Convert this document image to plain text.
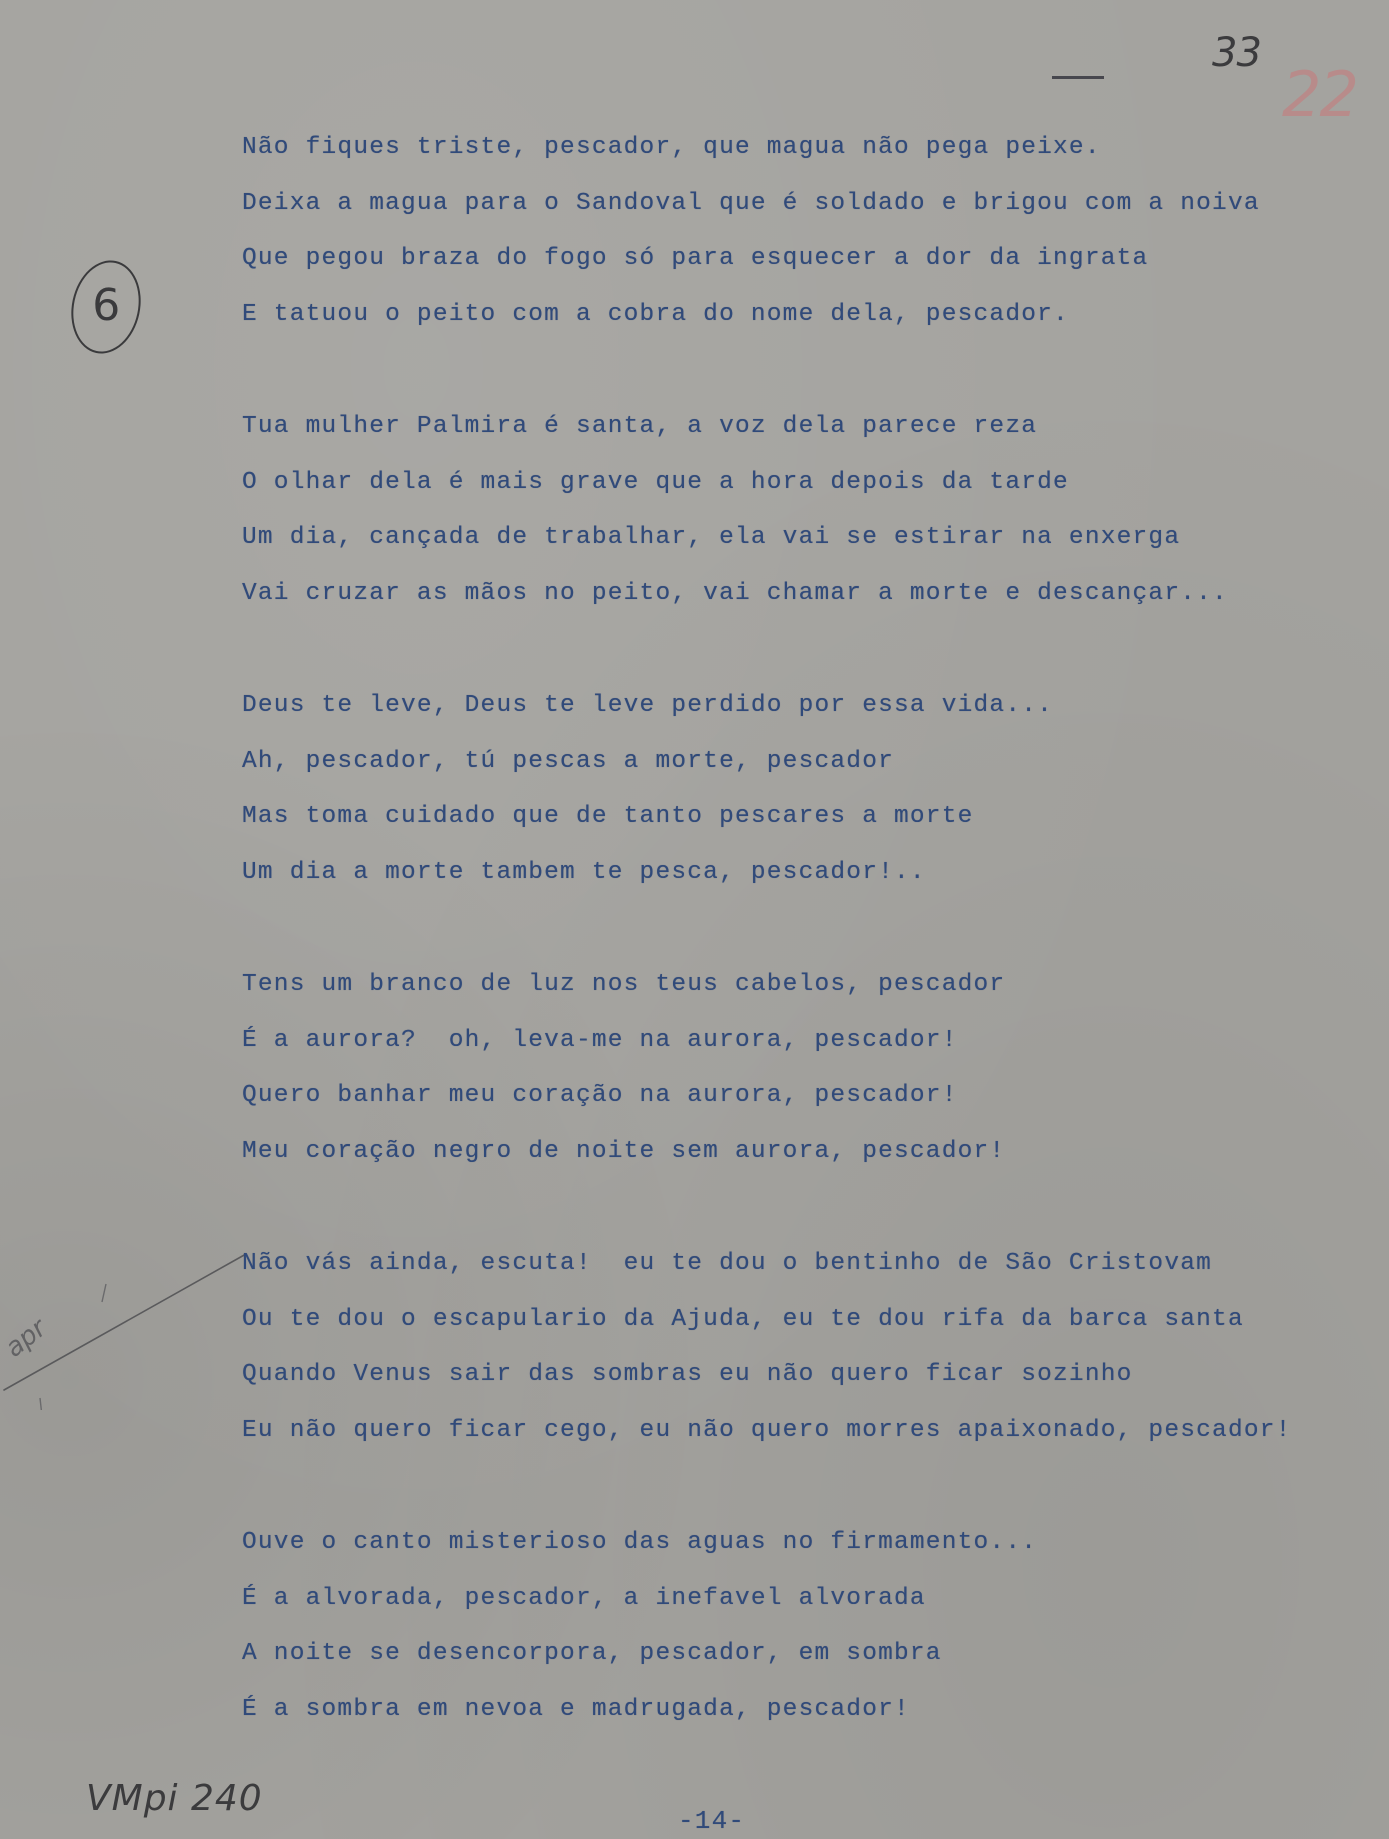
33
22
6
apr
Não fiques triste, pescador, que magua não pega peixe.
Deixa a magua para o Sandoval que é soldado e brigou com a noiva
Que pegou braza do fogo só para esquecer a dor da ingrata
E tatuou o peito com a cobra do nome dela, pescador.
Tua mulher Palmira é santa, a voz dela parece reza
O olhar dela é mais grave que a hora depois da tarde
Um dia, cançada de trabalhar, ela vai se estirar na enxerga
Vai cruzar as mãos no peito, vai chamar a morte e descançar...
Deus te leve, Deus te leve perdido por essa vida...
Ah, pescador, tú pescas a morte, pescador
Mas toma cuidado que de tanto pescares a morte
Um dia a morte tambem te pesca, pescador!..
Tens um branco de luz nos teus cabelos, pescador
É a aurora?  oh, leva-me na aurora, pescador!
Quero banhar meu coração na aurora, pescador!
Meu coração negro de noite sem aurora, pescador!
Não vás ainda, escuta!  eu te dou o bentinho de São Cristovam
Ou te dou o escapulario da Ajuda, eu te dou rifa da barca santa
Quando Venus sair das sombras eu não quero ficar sozinho
Eu não quero ficar cego, eu não quero morres apaixonado, pescador!
Ouve o canto misterioso das aguas no firmamento...
É a alvorada, pescador, a inefavel alvorada
A noite se desencorpora, pescador, em sombra
É a sombra em nevoa e madrugada, pescador!
VMpi 240
-14-
